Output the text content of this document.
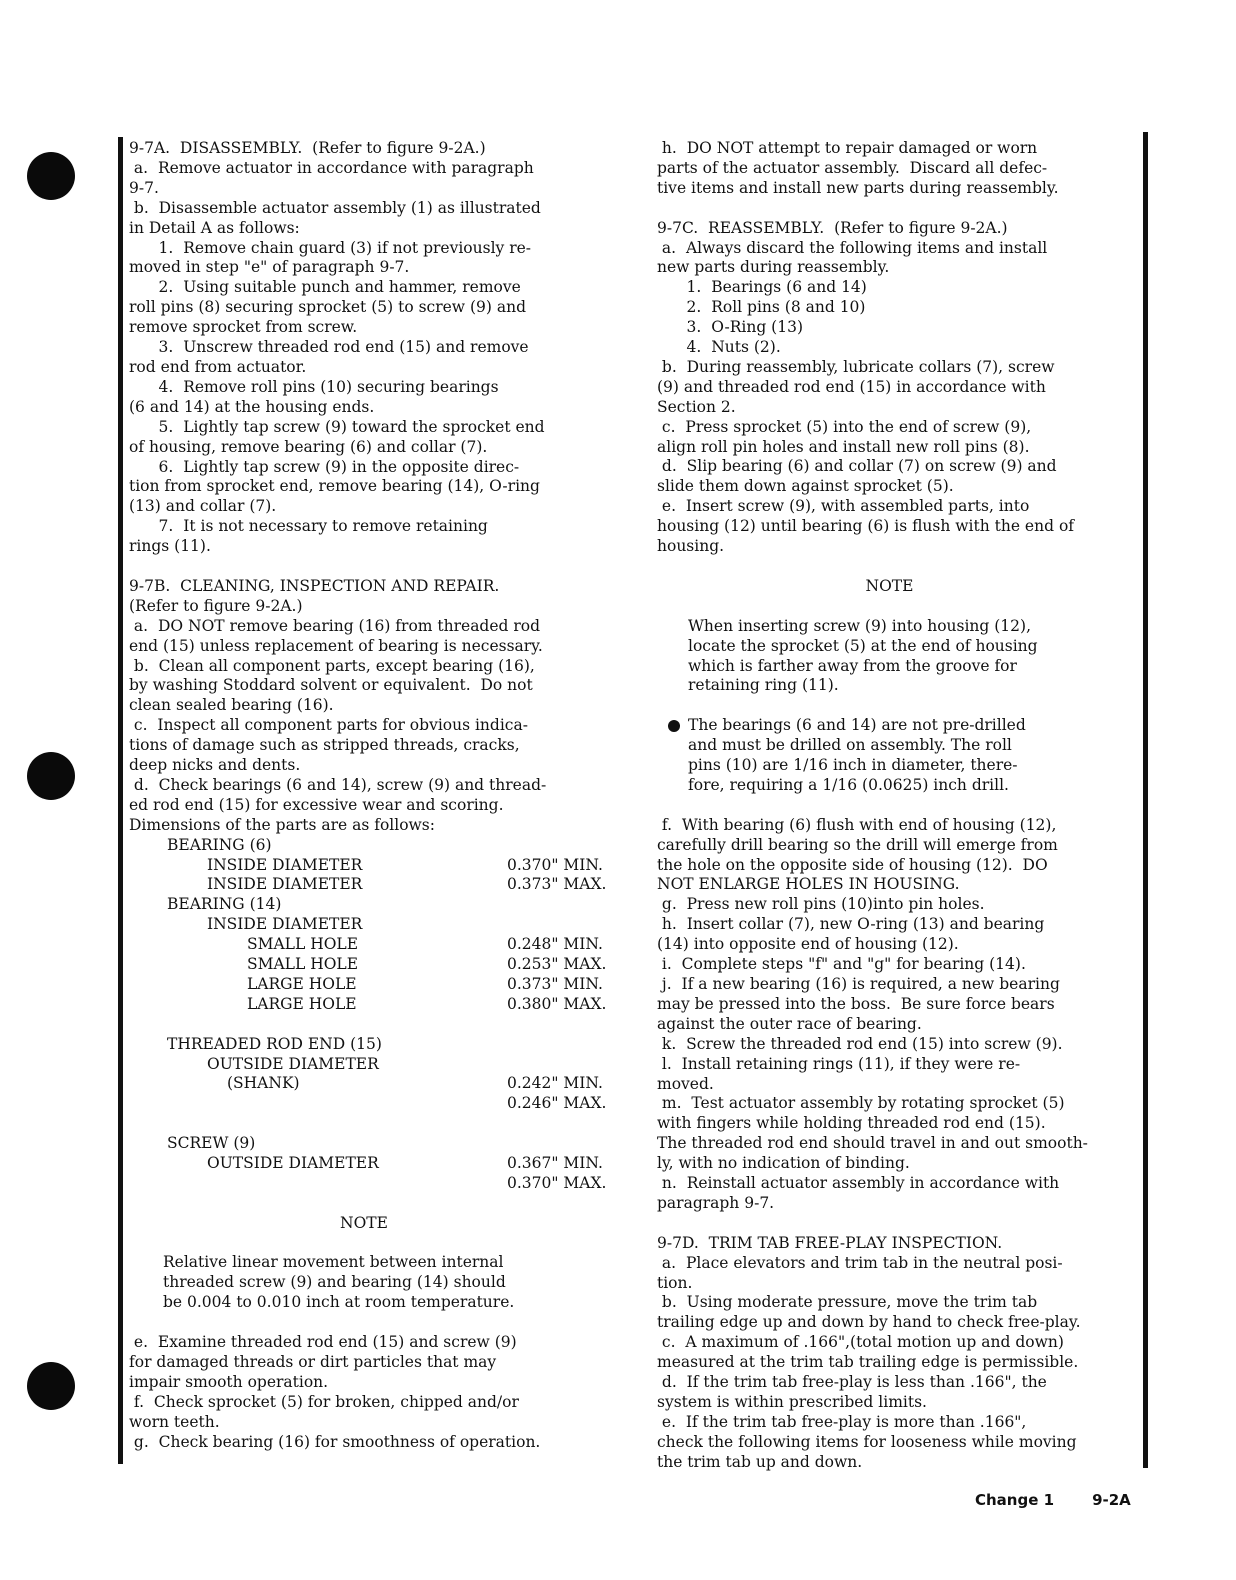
9-7A.  DISASSEMBLY.  (Refer to figure 9-2A.)
a.  Remove actuator in accordance with paragraph
9-7.
b.  Disassemble actuator assembly (1) as illustrated
in Detail A as follows:
1.  Remove chain guard (3) if not previously re-
moved in step "e" of paragraph 9-7.
2.  Using suitable punch and hammer, remove
roll pins (8) securing sprocket (5) to screw (9) and
remove sprocket from screw.
3.  Unscrew threaded rod end (15) and remove
rod end from actuator.
4.  Remove roll pins (10) securing bearings
(6 and 14) at the housing ends.
5.  Lightly tap screw (9) toward the sprocket end
of housing, remove bearing (6) and collar (7).
6.  Lightly tap screw (9) in the opposite direc-
tion from sprocket end, remove bearing (14), O-ring
(13) and collar (7).
7.  It is not necessary to remove retaining
rings (11).
9-7B.  CLEANING, INSPECTION AND REPAIR.
(Refer to figure 9-2A.)
a.  DO NOT remove bearing (16) from threaded rod
end (15) unless replacement of bearing is necessary.
b.  Clean all component parts, except bearing (16),
by washing Stoddard solvent or equivalent.  Do not
clean sealed bearing (16).
c.  Inspect all component parts for obvious indica-
tions of damage such as stripped threads, cracks,
deep nicks and dents.
d.  Check bearings (6 and 14), screw (9) and thread-
ed rod end (15) for excessive wear and scoring.
Dimensions of the parts are as follows:
BEARING (6)
INSIDE DIAMETER	0.370" MIN.
INSIDE DIAMETER	0.373" MAX.
BEARING (14)
INSIDE DIAMETER
SMALL HOLE	0.248" MIN.
SMALL HOLE	0.253" MAX.
LARGE HOLE	0.373" MIN.
LARGE HOLE	0.380" MAX.
THREADED ROD END (15)
OUTSIDE DIAMETER
(SHANK)	0.242" MIN.
0.246" MAX.
SCREW (9)
OUTSIDE DIAMETER	0.367" MIN.
0.370" MAX.
NOTE
Relative linear movement between internal
threaded screw (9) and bearing (14) should
be 0.004 to 0.010 inch at room temperature.
e.  Examine threaded rod end (15) and screw (9)
for damaged threads or dirt particles that may
impair smooth operation.
f.  Check sprocket (5) for broken, chipped and/or
worn teeth.
g.  Check bearing (16) for smoothness of operation.
h.  DO NOT attempt to repair damaged or worn
parts of the actuator assembly.  Discard all defec-
tive items and install new parts during reassembly.
9-7C.  REASSEMBLY.  (Refer to figure 9-2A.)
a.  Always discard the following items and install
new parts during reassembly.
1.  Bearings (6 and 14)
2.  Roll pins (8 and 10)
3.  O-Ring (13)
4.  Nuts (2).
b.  During reassembly, lubricate collars (7), screw
(9) and threaded rod end (15) in accordance with
Section 2.
c.  Press sprocket (5) into the end of screw (9),
align roll pin holes and install new roll pins (8).
d.  Slip bearing (6) and collar (7) on screw (9) and
slide them down against sprocket (5).
e.  Insert screw (9), with assembled parts, into
housing (12) until bearing (6) is flush with the end of
housing.
NOTE
When inserting screw (9) into housing (12),
locate the sprocket (5) at the end of housing
which is farther away from the groove for
retaining ring (11).
The bearings (6 and 14) are not pre-drilled
and must be drilled on assembly. The roll
pins (10) are 1/16 inch in diameter, there-
fore, requiring a 1/16 (0.0625) inch drill.
f.  With bearing (6) flush with end of housing (12),
carefully drill bearing so the drill will emerge from
the hole on the opposite side of housing (12).  DO
NOT ENLARGE HOLES IN HOUSING.
g.  Press new roll pins (10)into pin holes.
h.  Insert collar (7), new O-ring (13) and bearing
(14) into opposite end of housing (12).
i.  Complete steps "f" and "g" for bearing (14).
j.  If a new bearing (16) is required, a new bearing
may be pressed into the boss.  Be sure force bears
against the outer race of bearing.
k.  Screw the threaded rod end (15) into screw (9).
l.  Install retaining rings (11), if they were re-
moved.
m.  Test actuator assembly by rotating sprocket (5)
with fingers while holding threaded rod end (15).
The threaded rod end should travel in and out smooth-
ly, with no indication of binding.
n.  Reinstall actuator assembly in accordance with
paragraph 9-7.
9-7D.  TRIM TAB FREE-PLAY INSPECTION.
a.  Place elevators and trim tab in the neutral posi-
tion.
b.  Using moderate pressure, move the trim tab
trailing edge up and down by hand to check free-play.
c.  A maximum of .166",(total motion up and down)
measured at the trim tab trailing edge is permissible.
d.  If the trim tab free-play is less than .166", the
system is within prescribed limits.
e.  If the trim tab free-play is more than .166",
check the following items for looseness while moving
the trim tab up and down.
Change 1	9-2A
